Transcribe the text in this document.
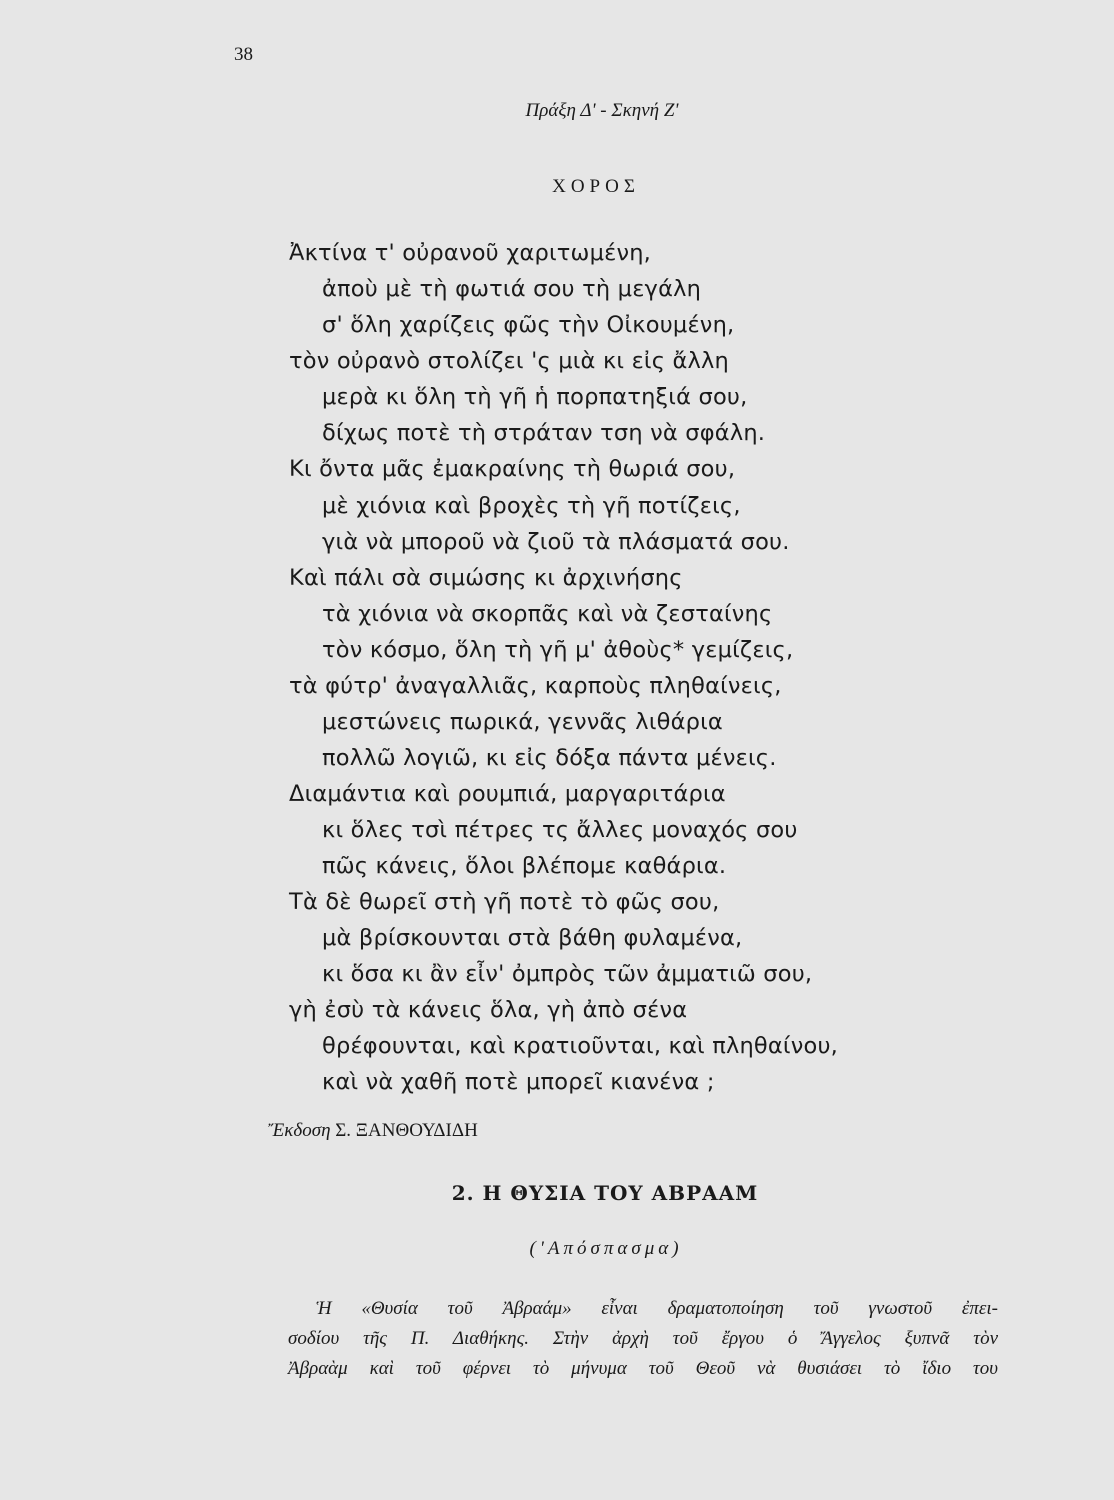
38
Πράξη Δ' - Σκηνή Ζ'
ΧΟΡΟΣ
Ἀκτίνα τ' οὐρανοῦ χαριτωμένη,
ἀποὺ μὲ τὴ φωτιά σου τὴ μεγάλη
σ' ὅλη χαρίζεις φῶς τὴν Οἰκουμένη,
τὸν οὐρανὸ στολίζει 'ς μιὰ κι εἰς ἄλλη
μερὰ κι ὅλη τὴ γῆ ἡ πορπατηξιά σου,
δίχως ποτὲ τὴ στράταν τση νὰ σφάλη.
Κι ὄντα μᾶς ἐμακραίνης τὴ θωριά σου,
μὲ χιόνια καὶ βροχὲς τὴ γῆ ποτίζεις,
γιὰ νὰ μποροῦ νὰ ζιοῦ τὰ πλάσματά σου.
Καὶ πάλι σὰ σιμώσης κι ἀρχινήσης
τὰ χιόνια νὰ σκορπᾶς καὶ νὰ ζεσταίνης
τὸν κόσμο, ὅλη τὴ γῆ μ' ἀθοὺς* γεμίζεις,
τὰ φύτρ' ἀναγαλλιᾶς, καρποὺς πληθαίνεις,
μεστώνεις πωρικά, γεννᾶς λιθάρια
πολλῶ λογιῶ, κι εἰς δόξα πάντα μένεις.
Διαμάντια καὶ ρουμπιά, μαργαριτάρια
κι ὅλες τσὶ πέτρες τς ἄλλες μοναχός σου
πῶς κάνεις, ὅλοι βλέπομε καθάρια.
Τὰ δὲ θωρεῖ στὴ γῆ ποτὲ τὸ φῶς σου,
μὰ βρίσκουνται στὰ βάθη φυλαμένα,
κι ὅσα κι ἂν εἶν' ὀμπρὸς τῶν ἀμματιῶ σου,
γὴ ἐσὺ τὰ κάνεις ὅλα, γὴ ἀπὸ σένα
θρέφουνται, καὶ κρατιοῦνται, καὶ πληθαίνου,
καὶ νὰ χαθῆ ποτὲ μπορεῖ κιανένα ;
Ἔκδοση Σ. ΞΑΝΘΟΥΔΙΔΗ
2. Η ΘΥΣΙΑ ΤΟΥ ΑΒΡΑΑΜ
('Απόσπασμα)
Ἡ «Θυσία τοῦ Ἀβραάμ» εἶναι δραματοποίηση τοῦ γνωστοῦ ἐπει-
σοδίου τῆς Π. Διαθήκης. Στὴν ἀρχὴ τοῦ ἔργου ὁ Ἄγγελος ξυπνᾶ τὸν
Ἀβραὰμ καὶ τοῦ φέρνει τὸ μήνυμα τοῦ Θεοῦ νὰ θυσιάσει τὸ ἴδιο του
